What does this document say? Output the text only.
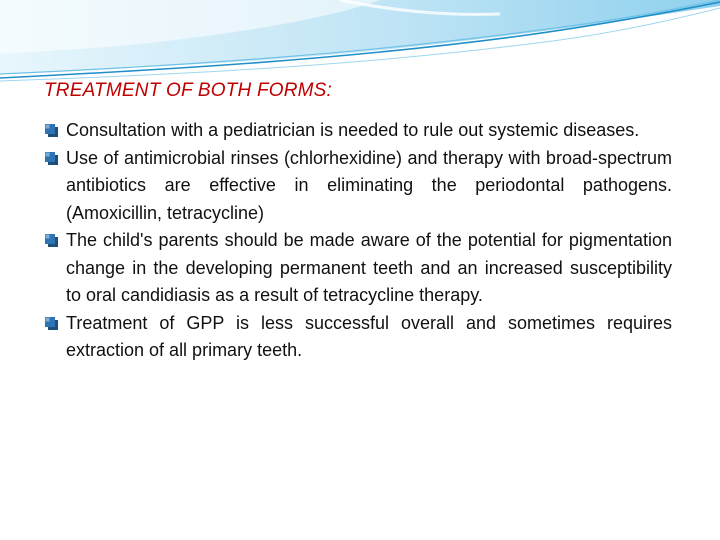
TREATMENT OF BOTH FORMS:
Consultation with a pediatrician is needed to rule out systemic diseases.
Use of antimicrobial rinses (chlorhexidine) and therapy with broad-spectrum antibiotics are effective in eliminating the periodontal pathogens.(Amoxicillin, tetracycline)
The child's parents should be made aware of the potential for pigmentation change in the developing permanent teeth and an increased susceptibility to oral candidiasis as a result of tetracycline therapy.
Treatment of GPP is less successful overall and sometimes requires extraction of all primary teeth.
